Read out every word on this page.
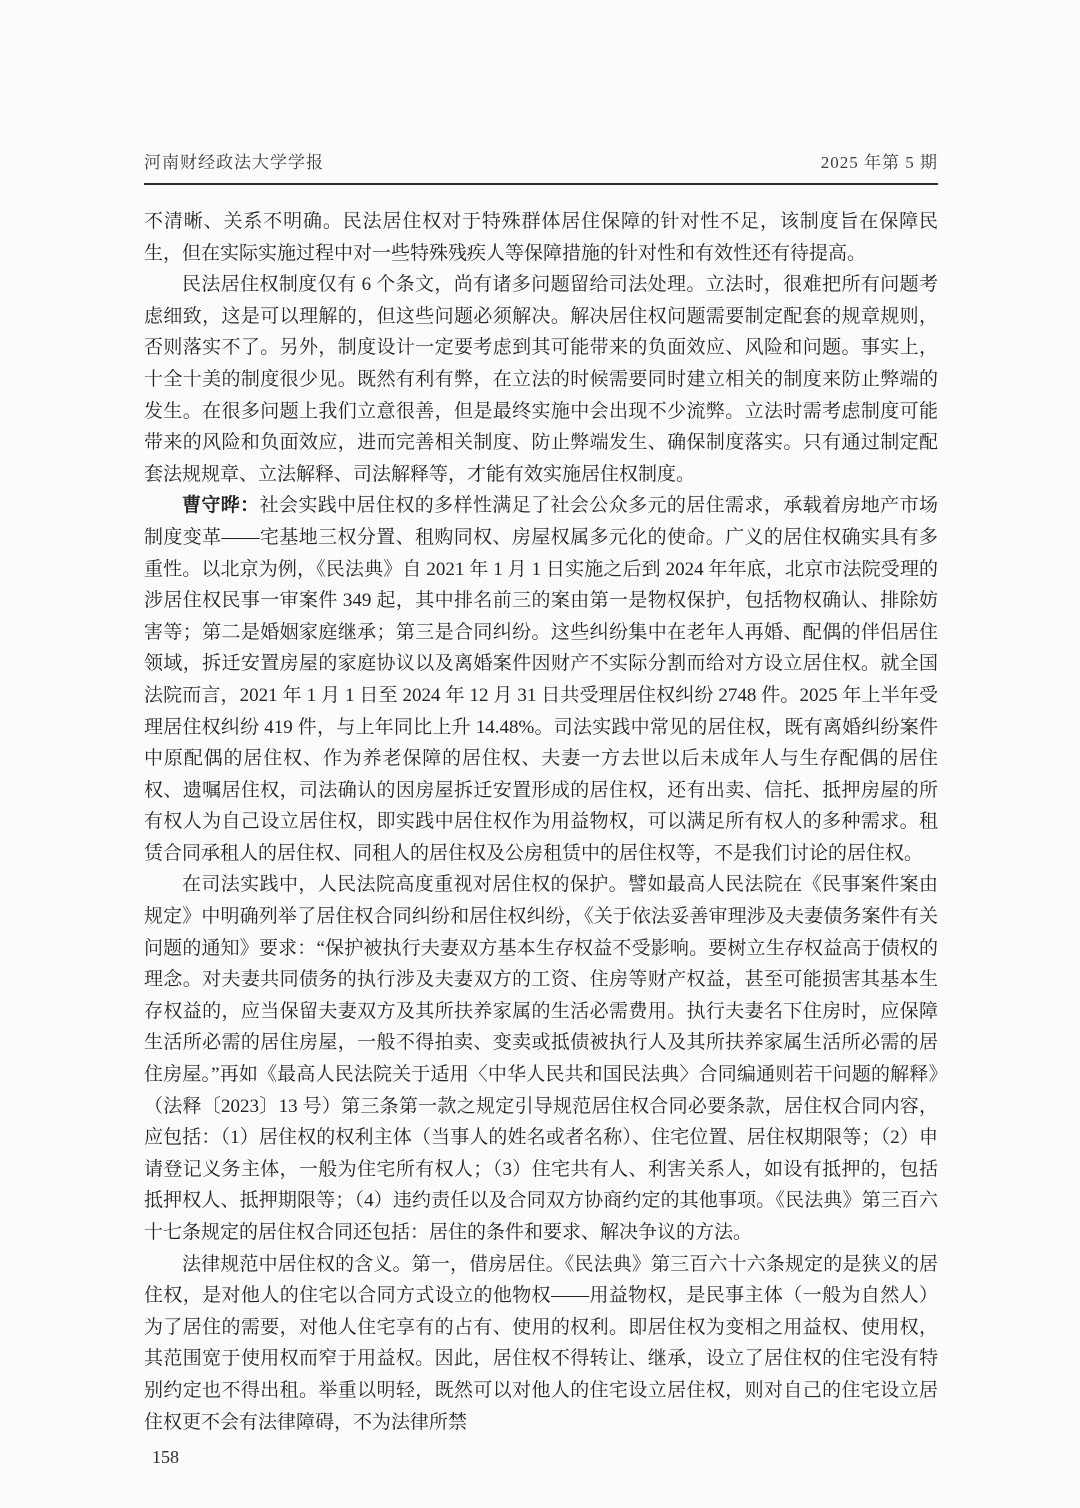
河南财经政法大学学报	2025 年第 5 期

不清晰、关系不明确。民法居住权对于特殊群体居住保障的针对性不足，该制度旨在保障民生，但在实际实施过程中对一些特殊残疾人等保障措施的针对性和有效性还有待提高。

民法居住权制度仅有 6 个条文，尚有诸多问题留给司法处理。立法时，很难把所有问题考虑细致，这是可以理解的，但这些问题必须解决。解决居住权问题需要制定配套的规章规则，否则落实不了。另外，制度设计一定要考虑到其可能带来的负面效应、风险和问题。事实上，十全十美的制度很少见。既然有利有弊，在立法的时候需要同时建立相关的制度来防止弊端的发生。在很多问题上我们立意很善，但是最终实施中会出现不少流弊。立法时需考虑制度可能带来的风险和负面效应，进而完善相关制度、防止弊端发生、确保制度落实。只有通过制定配套法规规章、立法解释、司法解释等，才能有效实施居住权制度。

曹守晔：社会实践中居住权的多样性满足了社会公众多元的居住需求，承载着房地产市场制度变革——宅基地三权分置、租购同权、房屋权属多元化的使命。广义的居住权确实具有多重性。以北京为例，《民法典》自 2021 年 1 月 1 日实施之后到 2024 年年底，北京市法院受理的涉居住权民事一审案件 349 起，其中排名前三的案由第一是物权保护，包括物权确认、排除妨害等；第二是婚姻家庭继承；第三是合同纠纷。这些纠纷集中在老年人再婚、配偶的伴侣居住领域，拆迁安置房屋的家庭协议以及离婚案件因财产不实际分割而给对方设立居住权。就全国法院而言，2021 年 1 月 1 日至 2024 年 12 月 31 日共受理居住权纠纷 2748 件。2025 年上半年受理居住权纠纷 419 件，与上年同比上升 14.48%。司法实践中常见的居住权，既有离婚纠纷案件中原配偶的居住权、作为养老保障的居住权、夫妻一方去世以后未成年人与生存配偶的居住权、遗嘱居住权，司法确认的因房屋拆迁安置形成的居住权，还有出卖、信托、抵押房屋的所有权人为自己设立居住权，即实践中居住权作为用益物权，可以满足所有权人的多种需求。租赁合同承租人的居住权、同租人的居住权及公房租赁中的居住权等，不是我们讨论的居住权。

在司法实践中，人民法院高度重视对居住权的保护。譬如最高人民法院在《民事案件案由规定》中明确列举了居住权合同纠纷和居住权纠纷，《关于依法妥善审理涉及夫妻债务案件有关问题的通知》要求：“保护被执行夫妻双方基本生存权益不受影响。要树立生存权益高于债权的理念。对夫妻共同债务的执行涉及夫妻双方的工资、住房等财产权益，甚至可能损害其基本生存权益的，应当保留夫妻双方及其所扶养家属的生活必需费用。执行夫妻名下住房时，应保障生活所必需的居住房屋，一般不得拍卖、变卖或抵债被执行人及其所扶养家属生活所必需的居住房屋。”再如《最高人民法院关于适用〈中华人民共和国民法典〉合同编通则若干问题的解释》（法释〔2023〕13 号）第三条第一款之规定引导规范居住权合同必要条款，居住权合同内容，应包括：（1）居住权的权利主体（当事人的姓名或者名称）、住宅位置、居住权期限等；（2）申请登记义务主体，一般为住宅所有权人；（3）住宅共有人、利害关系人，如设有抵押的，包括抵押权人、抵押期限等；（4）违约责任以及合同双方协商约定的其他事项。《民法典》第三百六十七条规定的居住权合同还包括：居住的条件和要求、解决争议的方法。

法律规范中居住权的含义。第一，借房居住。《民法典》第三百六十六条规定的是狭义的居住权，是对他人的住宅以合同方式设立的他物权——用益物权，是民事主体（一般为自然人）为了居住的需要，对他人住宅享有的占有、使用的权利。即居住权为变相之用益权、使用权，其范围宽于使用权而窄于用益权。因此，居住权不得转让、继承，设立了居住权的住宅没有特别约定也不得出租。举重以明轻，既然可以对他人的住宅设立居住权，则对自己的住宅设立居住权更不会有法律障碍，不为法律所禁

158
